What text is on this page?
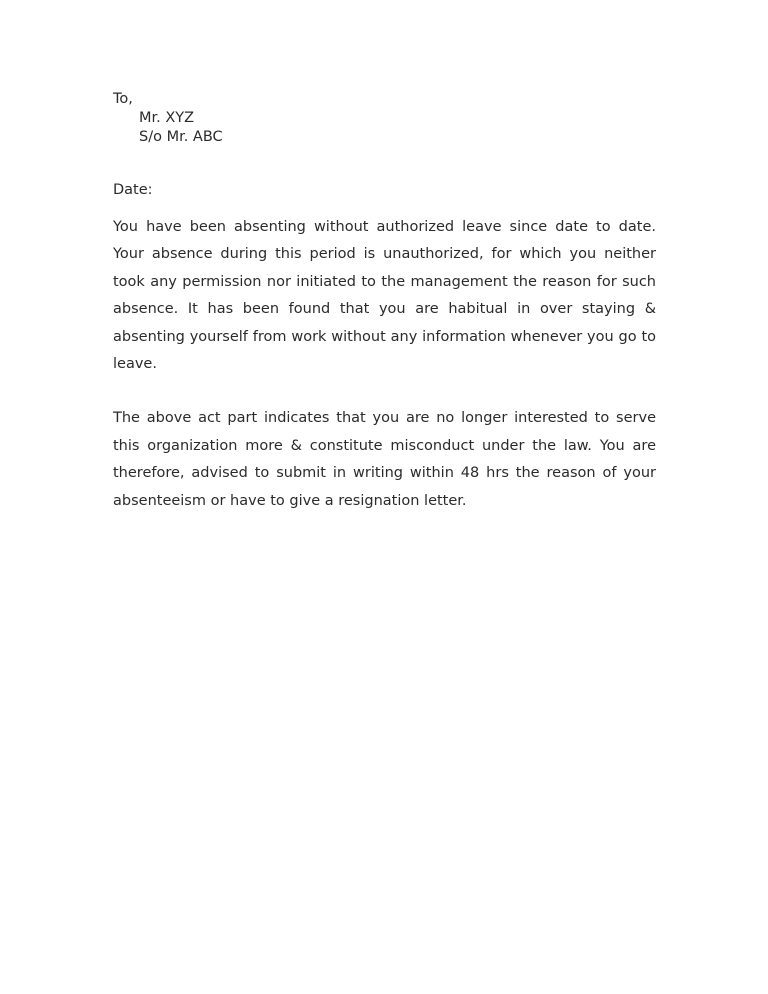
To,
Mr. XYZ
S/o Mr. ABC
Date:

You have been absenting without authorized leave since date to date. Your absence during this period is unauthorized, for which you neither took any permission nor initiated to the management the reason for such absence. It has been found that you are habitual in over staying & absenting yourself from work without any information whenever you go to leave.

The above act part indicates that you are no longer interested to serve this organization more & constitute misconduct under the law. You are therefore, advised to submit in writing within 48 hrs the reason of your absenteeism or have to give a resignation letter.
